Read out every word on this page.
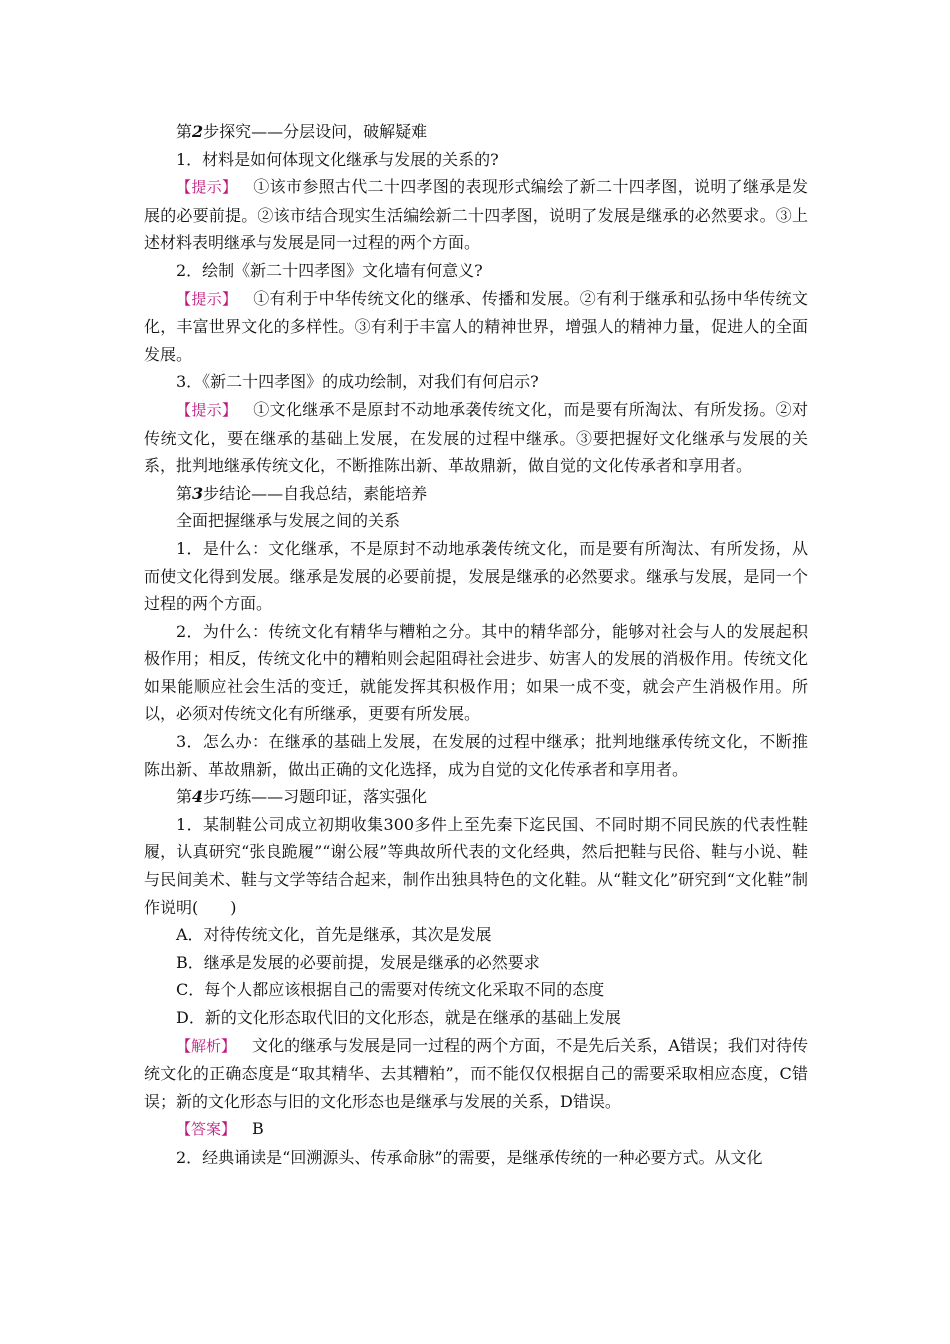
第2步探究——分层设问，破解疑难

1．材料是如何体现文化继承与发展的关系的?

【提示】 ①该市参照古代二十四孝图的表现形式编绘了新二十四孝图，说明了继承是发展的必要前提。②该市结合现实生活编绘新二十四孝图，说明了发展是继承的必然要求。③上述材料表明继承与发展是同一过程的两个方面。

2．绘制《新二十四孝图》文化墙有何意义?

【提示】 ①有利于中华传统文化的继承、传播和发展。②有利于继承和弘扬中华传统文化，丰富世界文化的多样性。③有利于丰富人的精神世界，增强人的精神力量，促进人的全面发展。

3．《新二十四孝图》的成功绘制，对我们有何启示?

【提示】 ①文化继承不是原封不动地承袭传统文化，而是要有所淘汰、有所发扬。②对传统文化，要在继承的基础上发展，在发展的过程中继承。③要把握好文化继承与发展的关系，批判地继承传统文化，不断推陈出新、革故鼎新，做自觉的文化传承者和享用者。

第3步结论——自我总结，素能培养

全面把握继承与发展之间的关系

1．是什么：文化继承，不是原封不动地承袭传统文化，而是要有所淘汰、有所发扬，从而使文化得到发展。继承是发展的必要前提，发展是继承的必然要求。继承与发展，是同一个过程的两个方面。

2．为什么：传统文化有精华与糟粕之分。其中的精华部分，能够对社会与人的发展起积极作用；相反，传统文化中的糟粕则会起阻碍社会进步、妨害人的发展的消极作用。传统文化如果能顺应社会生活的变迁，就能发挥其积极作用；如果一成不变，就会产生消极作用。所以，必须对传统文化有所继承，更要有所发展。

3．怎么办：在继承的基础上发展，在发展的过程中继承；批判地继承传统文化，不断推陈出新、革故鼎新，做出正确的文化选择，成为自觉的文化传承者和享用者。

第4步巧练——习题印证，落实强化

1．某制鞋公司成立初期收集300多件上至先秦下迄民国、不同时期不同民族的代表性鞋履，认真研究“张良跪履”“谢公屐”等典故所代表的文化经典，然后把鞋与民俗、鞋与小说、鞋与民间美术、鞋与文学等结合起来，制作出独具特色的文化鞋。从“鞋文化”研究到“文化鞋”制作说明(　　)

A．对待传统文化，首先是继承，其次是发展

B．继承是发展的必要前提，发展是继承的必然要求

C．每个人都应该根据自己的需要对传统文化采取不同的态度

D．新的文化形态取代旧的文化形态，就是在继承的基础上发展

【解析】 文化的继承与发展是同一过程的两个方面，不是先后关系，A错误；我们对待传统文化的正确态度是“取其精华、去其糟粕”，而不能仅仅根据自己的需要采取相应态度，C错误；新的文化形态与旧的文化形态也是继承与发展的关系，D错误。

【答案】 B

2．经典诵读是“回溯源头、传承命脉”的需要，是继承传统的一种必要方式。从文化
